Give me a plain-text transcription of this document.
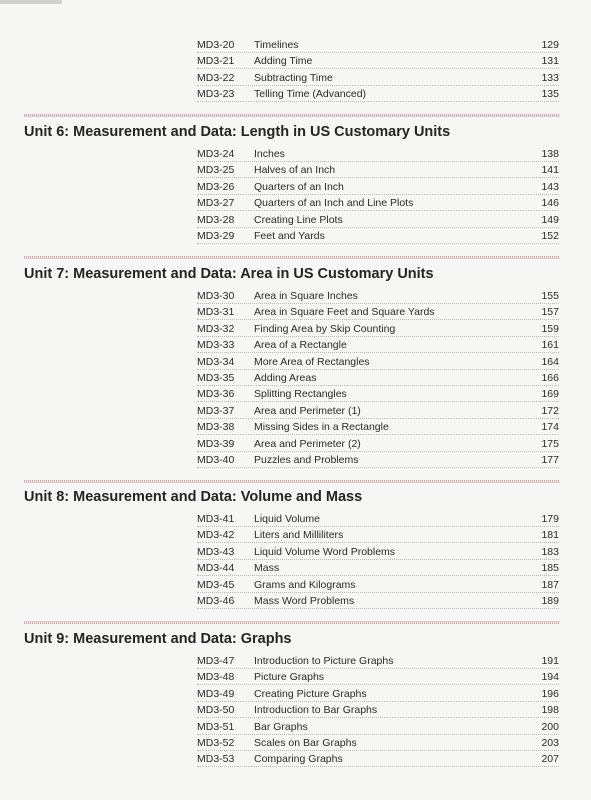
MD3-20 Timelines	129
MD3-21 Adding Time	131
MD3-22 Subtracting Time	133
MD3-23 Telling Time (Advanced)	135
Unit 6: Measurement and Data: Length in US Customary Units
MD3-24 Inches	138
MD3-25 Halves of an Inch	141
MD3-26 Quarters of an Inch	143
MD3-27 Quarters of an Inch and Line Plots	146
MD3-28 Creating Line Plots	149
MD3-29 Feet and Yards	152
Unit 7: Measurement and Data: Area in US Customary Units
MD3-30 Area in Square Inches	155
MD3-31 Area in Square Feet and Square Yards	157
MD3-32 Finding Area by Skip Counting	159
MD3-33 Area of a Rectangle	161
MD3-34 More Area of Rectangles	164
MD3-35 Adding Areas	166
MD3-36 Splitting Rectangles	169
MD3-37 Area and Perimeter (1)	172
MD3-38 Missing Sides in a Rectangle	174
MD3-39 Area and Perimeter (2)	175
MD3-40 Puzzles and Problems	177
Unit 8: Measurement and Data: Volume and Mass
MD3-41 Liquid Volume	179
MD3-42 Liters and Milliliters	181
MD3-43 Liquid Volume Word Problems	183
MD3-44 Mass	185
MD3-45 Grams and Kilograms	187
MD3-46 Mass Word Problems	189
Unit 9: Measurement and Data: Graphs
MD3-47 Introduction to Picture Graphs	191
MD3-48 Picture Graphs	194
MD3-49 Creating Picture Graphs	196
MD3-50 Introduction to Bar Graphs	198
MD3-51 Bar Graphs	200
MD3-52 Scales on Bar Graphs	203
MD3-53 Comparing Graphs	207
